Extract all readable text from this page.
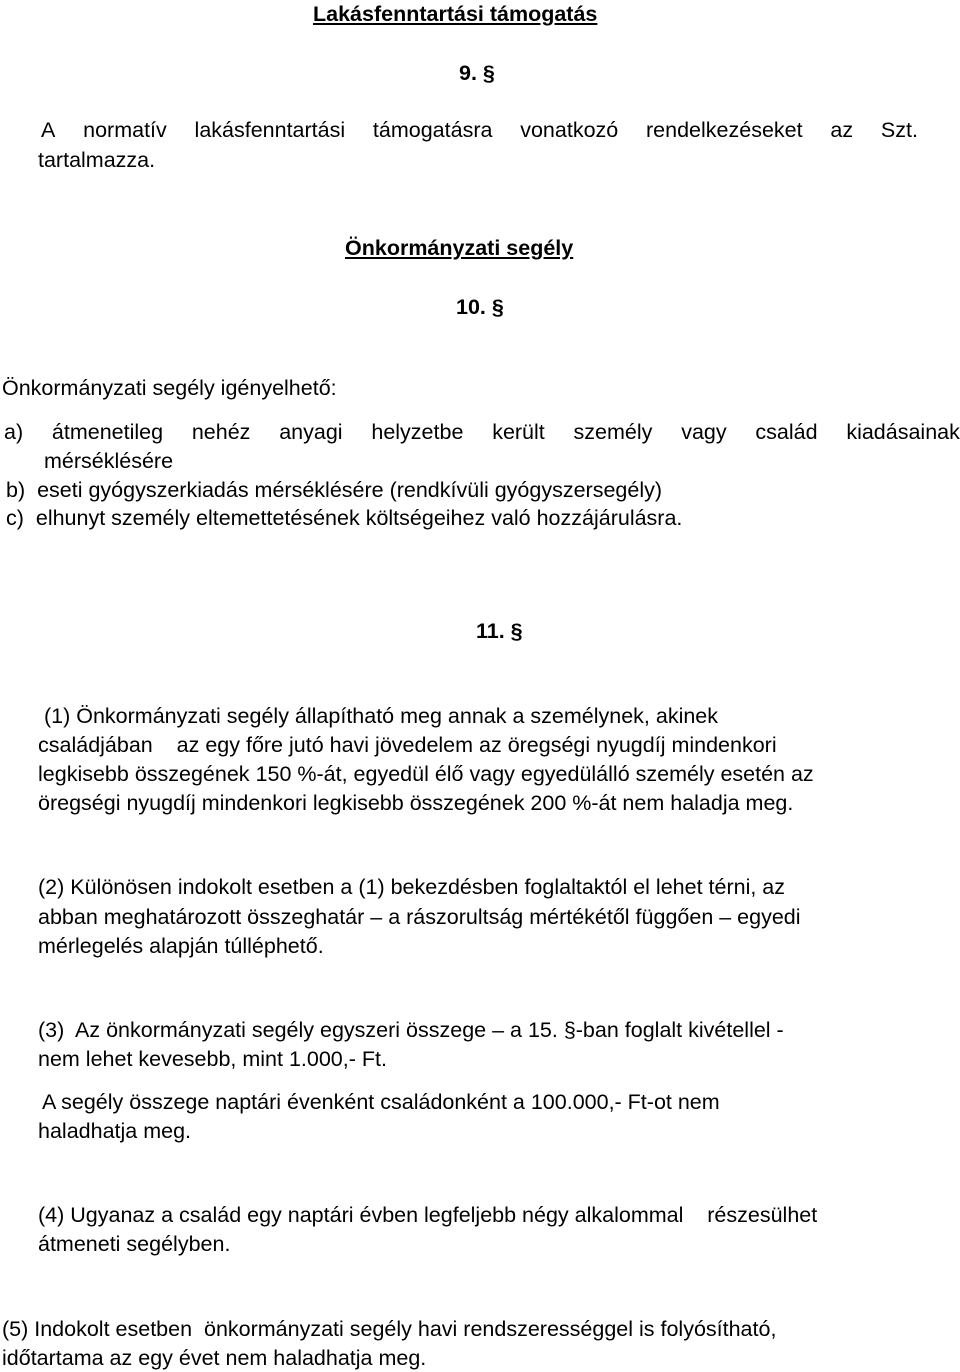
Lakásfenntartási támogatás
9. §
A normatív lakásfenntartási támogatásra vonatkozó rendelkezéseket az Szt.
tartalmazza.
Önkormányzati segély
10. §
Önkormányzati segély igényelhető:
a) átmenetileg nehéz anyagi helyzetbe került személy vagy család kiadásainak
mérséklésére
b)  eseti gyógyszerkiadás mérséklésére (rendkívüli gyógyszersegély)
c)  elhunyt személy eltemettetésének költségeihez való hozzájárulásra.
11. §
(1) Önkormányzati segély állapítható meg annak a személynek, akinek
családjában    az egy főre jutó havi jövedelem az öregségi nyugdíj mindenkori
legkisebb összegének 150 %-át, egyedül élő vagy egyedülálló személy esetén az
öregségi nyugdíj mindenkori legkisebb összegének 200 %-át nem haladja meg.
(2) Különösen indokolt esetben a (1) bekezdésben foglaltaktól el lehet térni, az
abban meghatározott összeghatár – a rászorultság mértékétől függően – egyedi
mérlegelés alapján túlléphető.
(3)  Az önkormányzati segély egyszeri összege – a 15. §-ban foglalt kivétellel -
nem lehet kevesebb, mint 1.000,- Ft.
A segély összege naptári évenként családonként a 100.000,- Ft-ot nem
haladhatja meg.
(4) Ugyanaz a család egy naptári évben legfeljebb négy alkalommal    részesülhet
átmeneti segélyben.
(5) Indokolt esetben  önkormányzati segély havi rendszerességgel is folyósítható,
időtartama az egy évet nem haladhatja meg.
